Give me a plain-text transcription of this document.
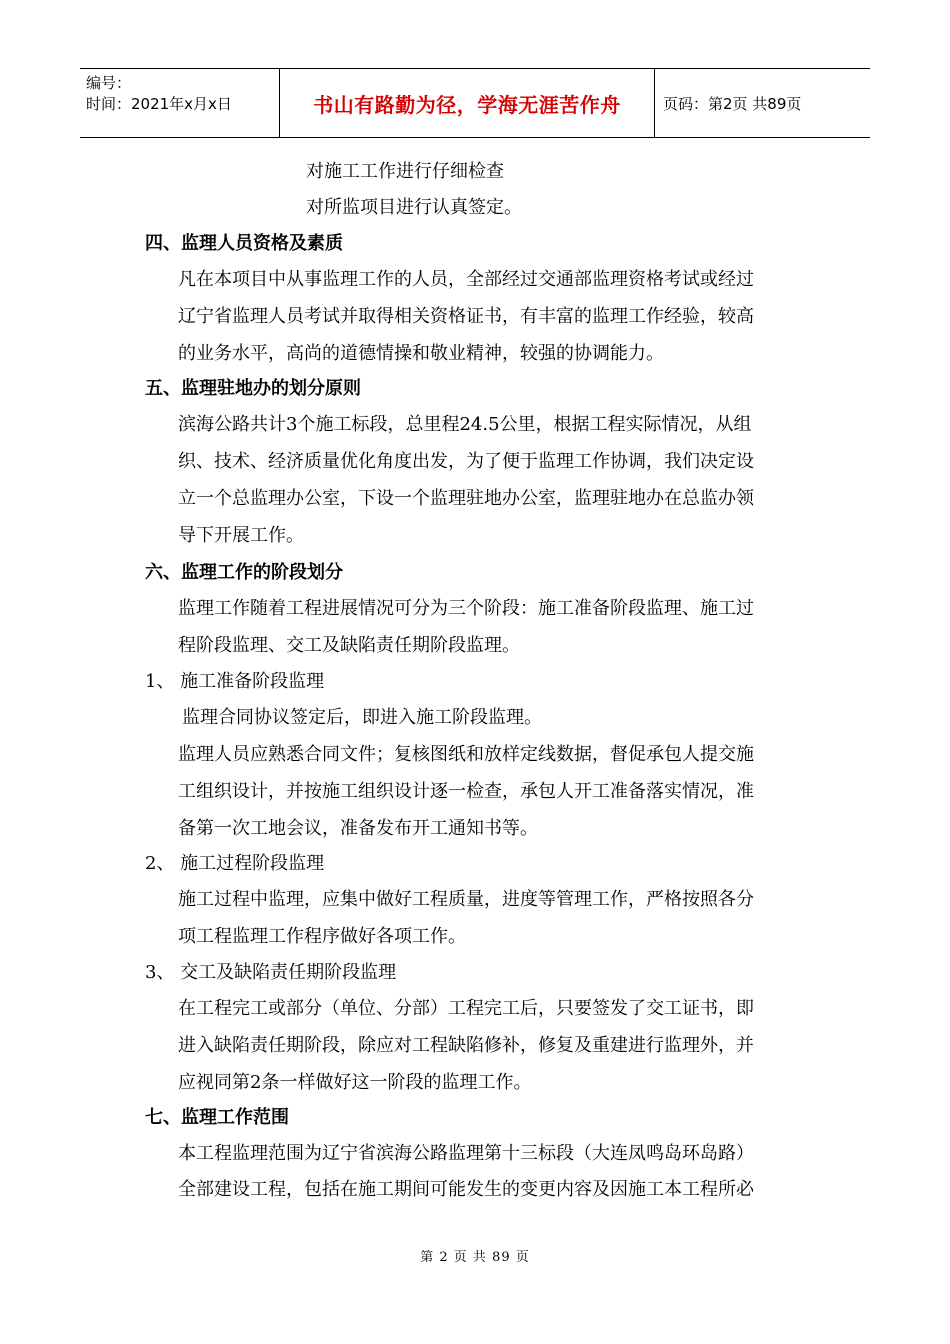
编号：
时间：2021年x月x日	书山有路勤为径，学海无涯苦作舟	页码：第2页 共89页
对施工工作进行仔细检查
对所监项目进行认真签定。
四、监理人员资格及素质
凡在本项目中从事监理工作的人员，全部经过交通部监理资格考试或经过
辽宁省监理人员考试并取得相关资格证书，有丰富的监理工作经验，较高
的业务水平，高尚的道德情操和敬业精神，较强的协调能力。
五、监理驻地办的划分原则
滨海公路共计3个施工标段，总里程24.5公里，根据工程实际情况，从组
织、技术、经济质量优化角度出发，为了便于监理工作协调，我们决定设
立一个总监理办公室，下设一个监理驻地办公室，监理驻地办在总监办领
导下开展工作。
六、监理工作的阶段划分
监理工作随着工程进展情况可分为三个阶段：施工准备阶段监理、施工过
程阶段监理、交工及缺陷责任期阶段监理。
1、 施工准备阶段监理
监理合同协议签定后，即进入施工阶段监理。
监理人员应熟悉合同文件；复核图纸和放样定线数据，督促承包人提交施
工组织设计，并按施工组织设计逐一检查，承包人开工准备落实情况，准
备第一次工地会议，准备发布开工通知书等。
2、 施工过程阶段监理
施工过程中监理，应集中做好工程质量，进度等管理工作，严格按照各分
项工程监理工作程序做好各项工作。
3、 交工及缺陷责任期阶段监理
在工程完工或部分（单位、分部）工程完工后，只要签发了交工证书，即
进入缺陷责任期阶段，除应对工程缺陷修补，修复及重建进行监理外，并
应视同第2条一样做好这一阶段的监理工作。
七、监理工作范围
本工程监理范围为辽宁省滨海公路监理第十三标段（大连凤鸣岛环岛路）
全部建设工程，包括在施工期间可能发生的变更内容及因施工本工程所必
第 2 页 共 89 页
